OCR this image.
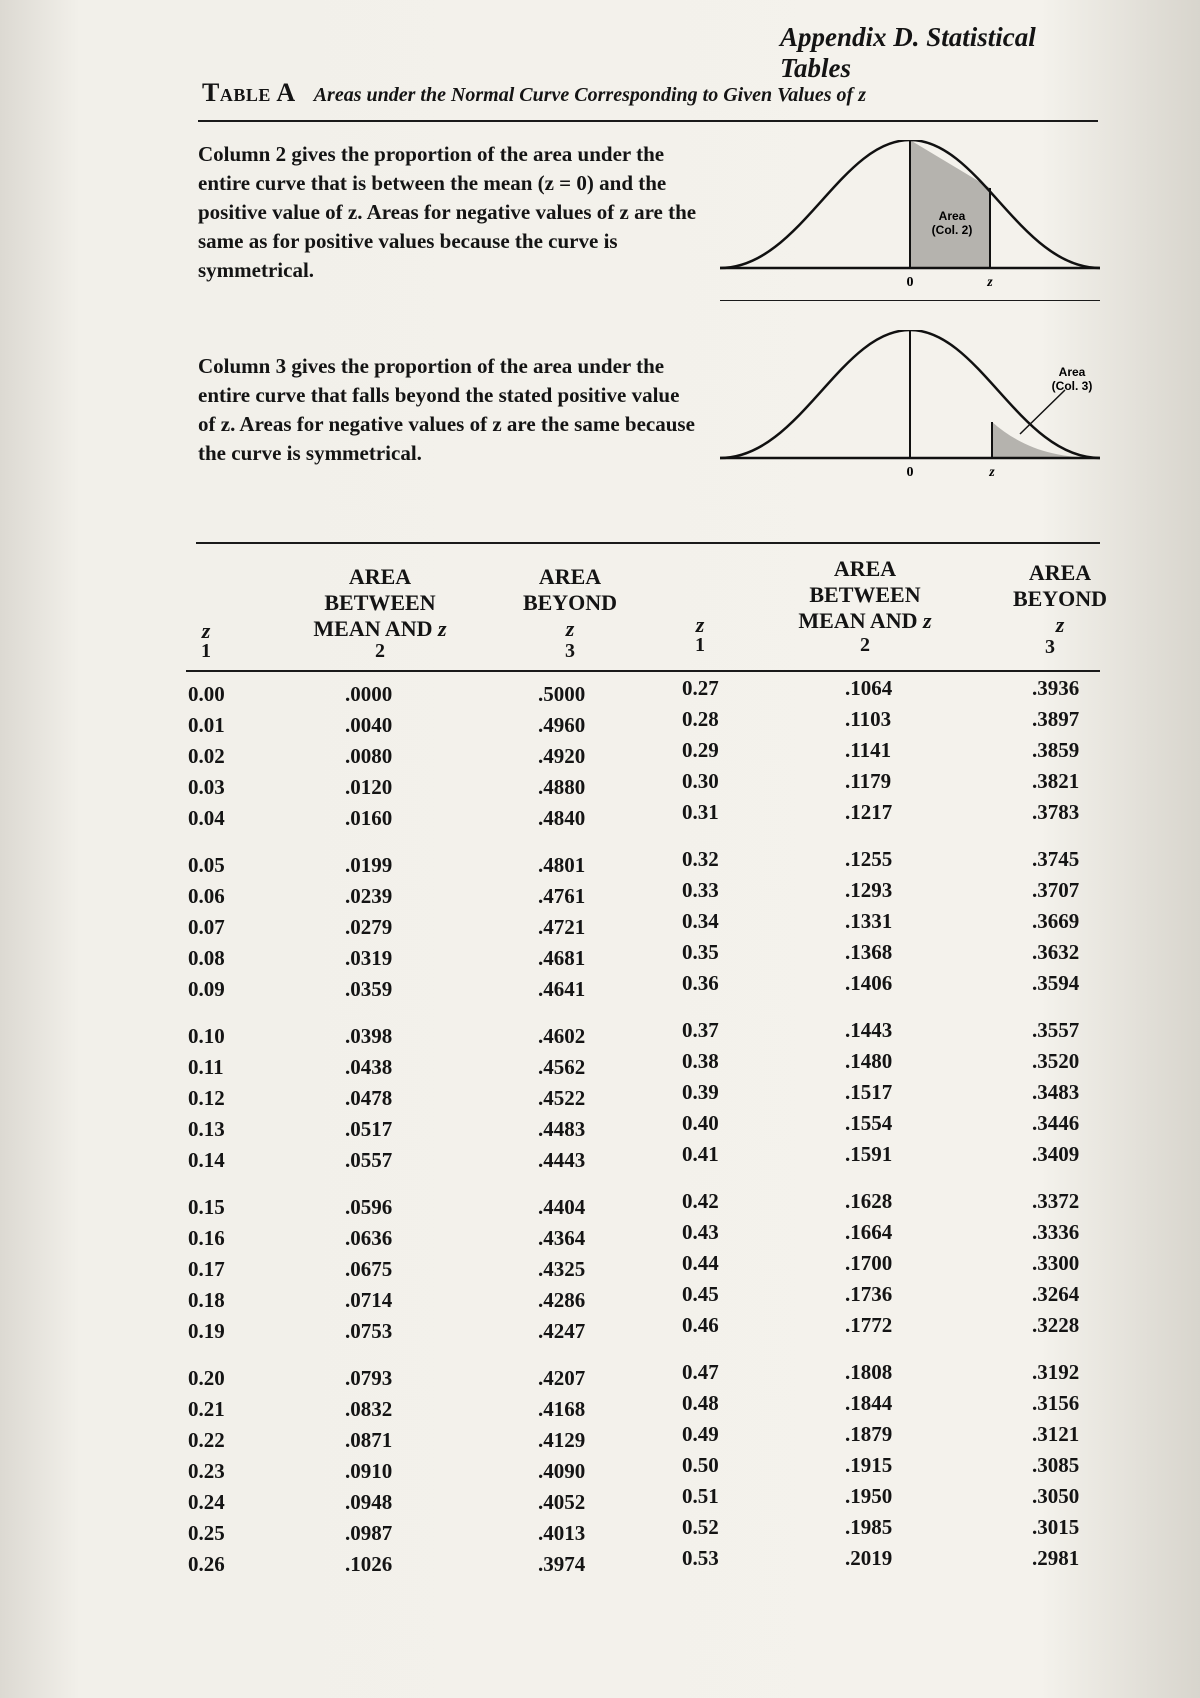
Appendix D. Statistical Tables
Table A Areas under the Normal Curve Corresponding to Given Values of z
Column 2 gives the proportion of the area under the entire curve that is between the mean (z = 0) and the positive value of z. Areas for negative values of z are the same as for positive values because the curve is symmetrical.
Area
(Col. 2)
0	z
Column 3 gives the proportion of the area under the entire curve that falls beyond the stated positive value of z. Areas for negative values of z are the same because the curve is symmetrical.
Area
(Col. 3)
0	z
z
AREA
BETWEEN
MEAN AND z
AREA
BEYOND
z
1	2	3
z
AREA
BETWEEN
MEAN AND z
AREA
BEYOND
z
1	2	3
0.00	.0000	.5000
0.01	.0040	.4960
0.02	.0080	.4920
0.03	.0120	.4880
0.04	.0160	.4840
0.05	.0199	.4801
0.06	.0239	.4761
0.07	.0279	.4721
0.08	.0319	.4681
0.09	.0359	.4641
0.10	.0398	.4602
0.11	.0438	.4562
0.12	.0478	.4522
0.13	.0517	.4483
0.14	.0557	.4443
0.15	.0596	.4404
0.16	.0636	.4364
0.17	.0675	.4325
0.18	.0714	.4286
0.19	.0753	.4247
0.20	.0793	.4207
0.21	.0832	.4168
0.22	.0871	.4129
0.23	.0910	.4090
0.24	.0948	.4052
0.25	.0987	.4013
0.26	.1026	.3974
0.27	.1064	.3936
0.28	.1103	.3897
0.29	.1141	.3859
0.30	.1179	.3821
0.31	.1217	.3783
0.32	.1255	.3745
0.33	.1293	.3707
0.34	.1331	.3669
0.35	.1368	.3632
0.36	.1406	.3594
0.37	.1443	.3557
0.38	.1480	.3520
0.39	.1517	.3483
0.40	.1554	.3446
0.41	.1591	.3409
0.42	.1628	.3372
0.43	.1664	.3336
0.44	.1700	.3300
0.45	.1736	.3264
0.46	.1772	.3228
0.47	.1808	.3192
0.48	.1844	.3156
0.49	.1879	.3121
0.50	.1915	.3085
0.51	.1950	.3050
0.52	.1985	.3015
0.53	.2019	.2981
